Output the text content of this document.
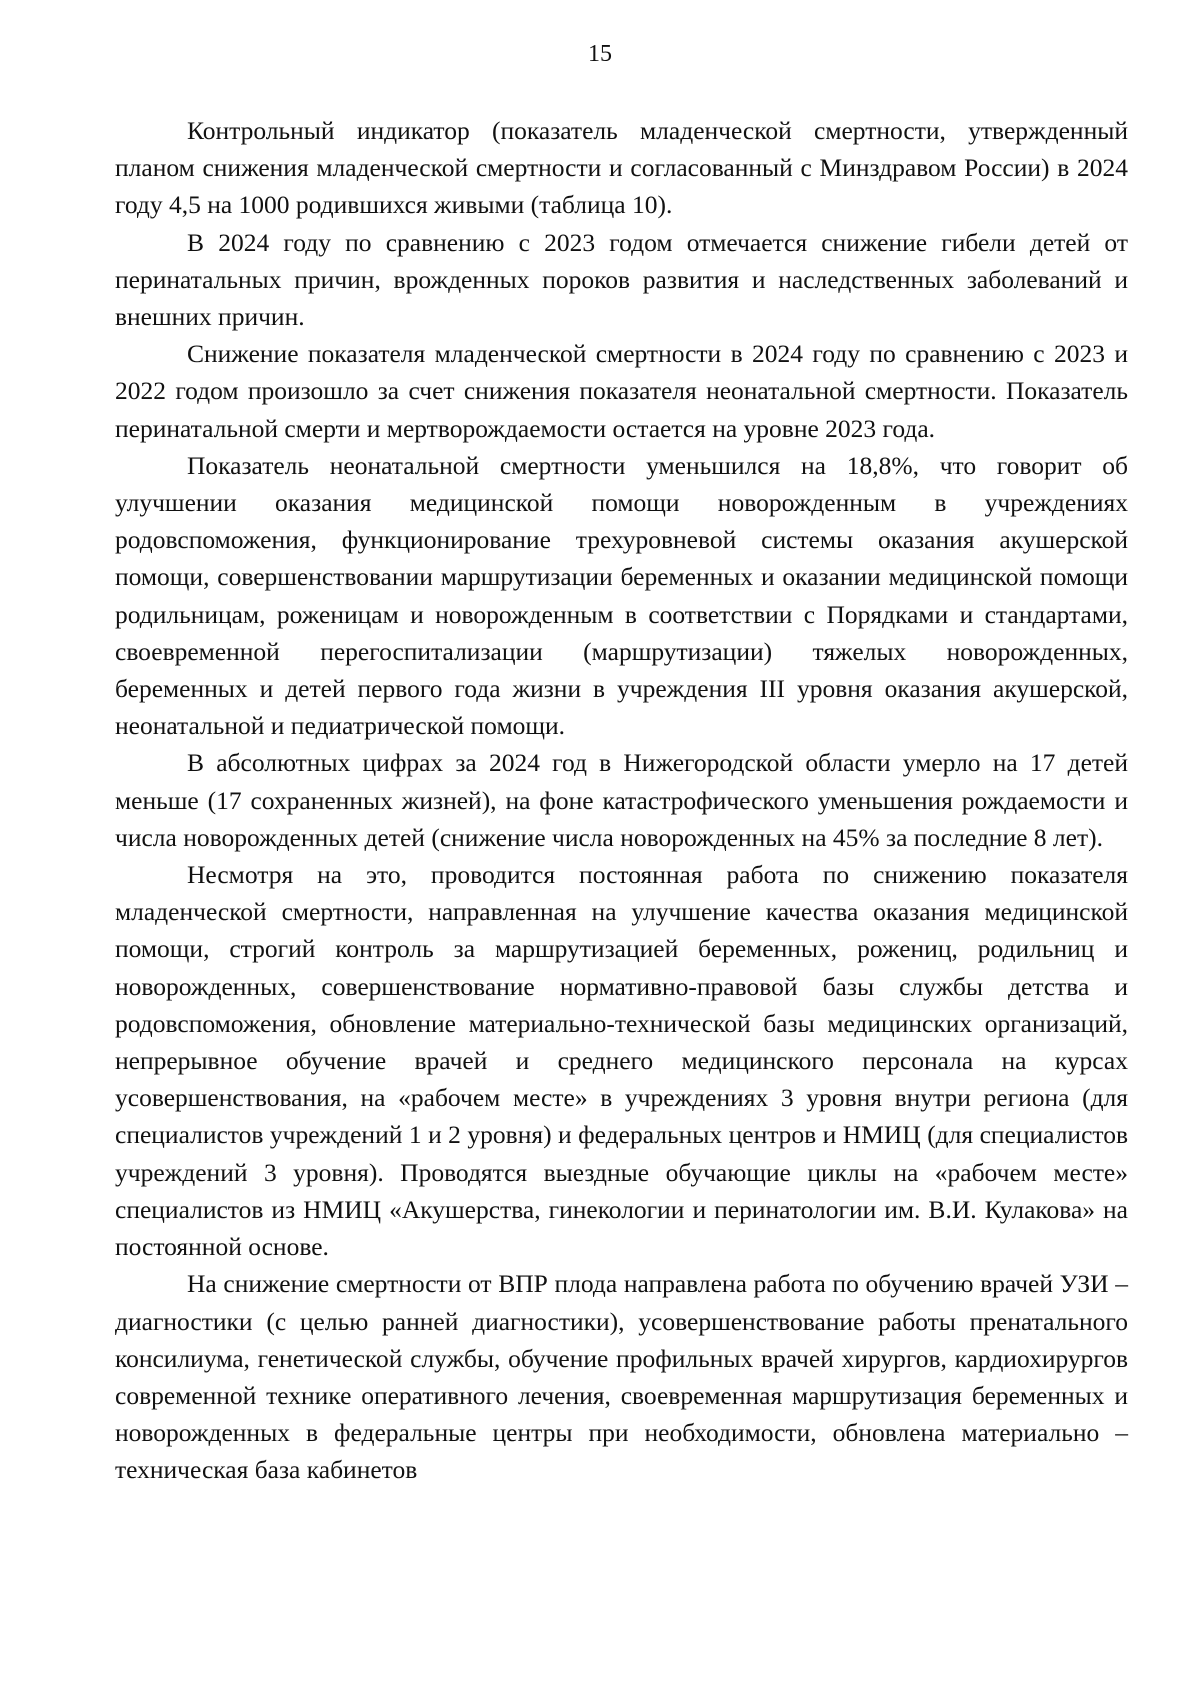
15

Контрольный индикатор (показатель младенческой смертности, утвержденный планом снижения младенческой смертности и согласованный с Минздравом России) в 2024 году 4,5 на 1000 родившихся живыми (таблица 10).

В 2024 году по сравнению с 2023 годом отмечается снижение гибели детей от перинатальных причин, врожденных пороков развития и наследственных заболеваний и внешних причин.

Снижение показателя младенческой смертности в 2024 году по сравнению с 2023 и 2022 годом произошло за счет снижения показателя неонатальной смертности. Показатель перинатальной смерти и мертворождаемости остается на уровне 2023 года.

Показатель неонатальной смертности уменьшился на 18,8%, что говорит об улучшении оказания медицинской помощи новорожденным в учреждениях родовспоможения, функционирование трехуровневой системы оказания акушерской помощи, совершенствовании маршрутизации беременных и оказании медицинской помощи родильницам, роженицам и новорожденным в соответствии с Порядками и стандартами, своевременной перегоспитализации (маршрутизации) тяжелых новорожденных, беременных и детей первого года жизни в учреждения III уровня оказания акушерской, неонатальной и педиатрической помощи.

В абсолютных цифрах за 2024 год в Нижегородской области умерло на 17 детей меньше (17 сохраненных жизней), на фоне катастрофического уменьшения рождаемости и числа новорожденных детей (снижение числа новорожденных на 45% за последние 8 лет).

Несмотря на это, проводится постоянная работа по снижению показателя младенческой смертности, направленная на улучшение качества оказания медицинской помощи, строгий контроль за маршрутизацией беременных, рожениц, родильниц и новорожденных, совершенствование нормативно-правовой базы службы детства и родовспоможения, обновление материально-технической базы медицинских организаций, непрерывное обучение врачей и среднего медицинского персонала на курсах усовершенствования, на «рабочем месте» в учреждениях 3 уровня внутри региона (для специалистов учреждений 1 и 2 уровня) и федеральных центров и НМИЦ (для специалистов учреждений 3 уровня). Проводятся выездные обучающие циклы на «рабочем месте» специалистов из НМИЦ «Акушерства, гинекологии и перинатологии им. В.И. Кулакова» на постоянной основе.

На снижение смертности от ВПР плода направлена работа по обучению врачей УЗИ – диагностики (с целью ранней диагностики), усовершенствование работы пренатального консилиума, генетической службы, обучение профильных врачей хирургов, кардиохирургов современной технике оперативного лечения, своевременная маршрутизация беременных и новорожденных в федеральные центры при необходимости, обновлена материально – техническая база кабинетов
